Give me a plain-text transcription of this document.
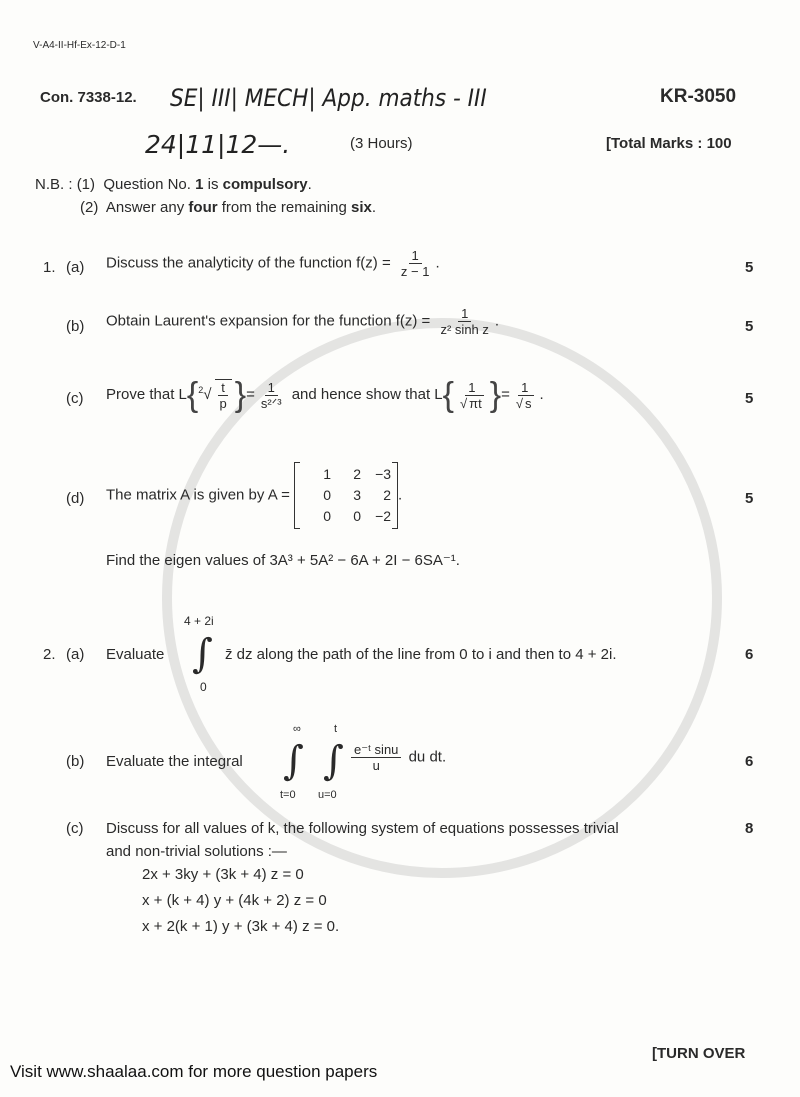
V-A4-II-Hf-Ex-12-D-1
Con. 7338-12. SE| III| MECH| App. maths - III	KR-3050
24|11|12—.	(3 Hours)	[Total Marks : 100
N.B. : (1) Question No. 1 is compulsory.
(2) Answer any four from the remaining six.
1. (a) Discuss the analyticity of the function $f(z) = \frac{1}{z - 1}$ .	5
(b) Obtain Laurent's expansion for the function $f(z) = \frac{1}{\text{z² sinh z}}$ .	5
(c) Prove that $L\{^2√ \frac{t}{p}$ }= $\frac{1}{\text{s²ᐟ³}}$ and hence show that $L\{ \frac{1}{√ \pi t}$ }= $\frac{1}{√ s}$ .	5
(d) The matrix A is given by A =
1	2	−3
0	3	2
0	0	−2
.	5
Find the eigen values of 3A³ + 5A² − 6A + 2I − 6SA⁻¹.
2. (a) Evaluate ∫
4 + 2i
0
z̄ dz along the path of the line from 0 to i and then to 4 + 2i.	6
(b) Evaluate the integral ∫ ∫
∞
t=0
t
u=0
$\frac{\text{e⁻ᵗ sinu}}{u}$ du dt.	6
(c) Discuss for all values of k, the following system of equations possesses trivial
and non-trivial solutions :—
2x + 3ky + (3k + 4) z = 0
x + (k + 4) y + (4k + 2) z = 0
x + 2(k + 1) y + (3k + 4) z = 0.
8
[TURN OVER
Visit www.shaalaa.com for more question papers
